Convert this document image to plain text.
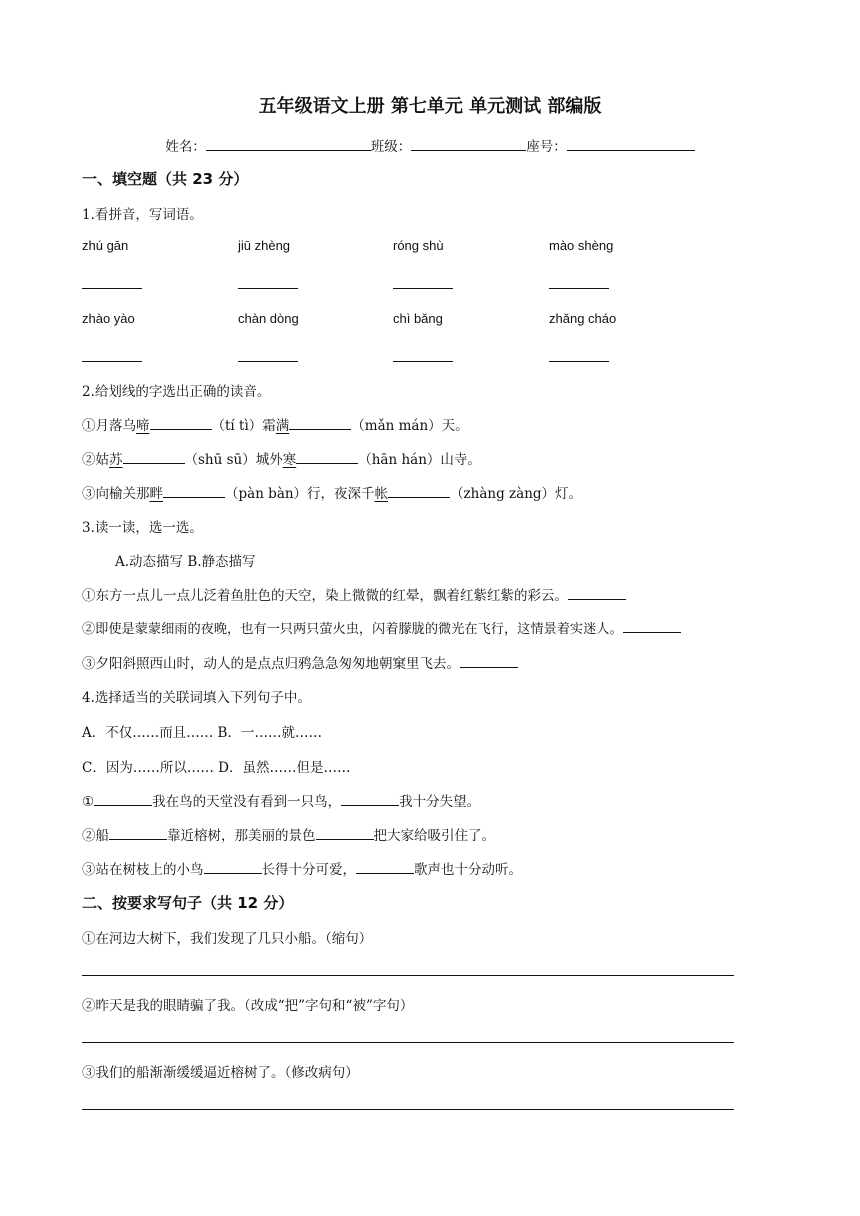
五年级语文上册 第七单元 单元测试 部编版
姓名：	班级：	座号：
一、填空题（共 23 分）
1.看拼音，写词语。
zhú gān	jiū zhèng	róng shù	mào shèng
zhào yào	chàn dòng	chì bǎng	zhǎng cháo
2.给划线的字选出正确的读音。
①月落乌啼	（tí tì）霜满	（mǎn mán）天。
②姑苏	（shū sū）城外寒	（hān hán）山寺。
③向榆关那畔	（pàn bàn）行，夜深千帐	（zhàng zàng）灯。
3.读一读，选一选。
A.动态描写 B.静态描写
①东方一点儿一点儿泛着鱼肚色的天空，染上微微的红晕，飘着红紫红紫的彩云。
②即使是蒙蒙细雨的夜晚，也有一只两只萤火虫，闪着朦胧的微光在飞行，这情景着实迷人。
③夕阳斜照西山时，动人的是点点归鸦急急匆匆地朝窠里飞去。
4.选择适当的关联词填入下列句子中。
A．不仅……而且…… B．一……就……
C．因为……所以…… D．虽然……但是……
①	我在鸟的天堂没有看到一只鸟，	我十分失望。
②船	靠近榕树，那美丽的景色	把大家给吸引住了。
③站在树枝上的小鸟	长得十分可爱，	歌声也十分动听。
二、按要求写句子（共 12 分）
①在河边大树下，我们发现了几只小船。（缩句）
②昨天是我的眼睛骗了我。（改成“把”字句和“被”字句）
③我们的船渐渐缓缓逼近榕树了。（修改病句）
